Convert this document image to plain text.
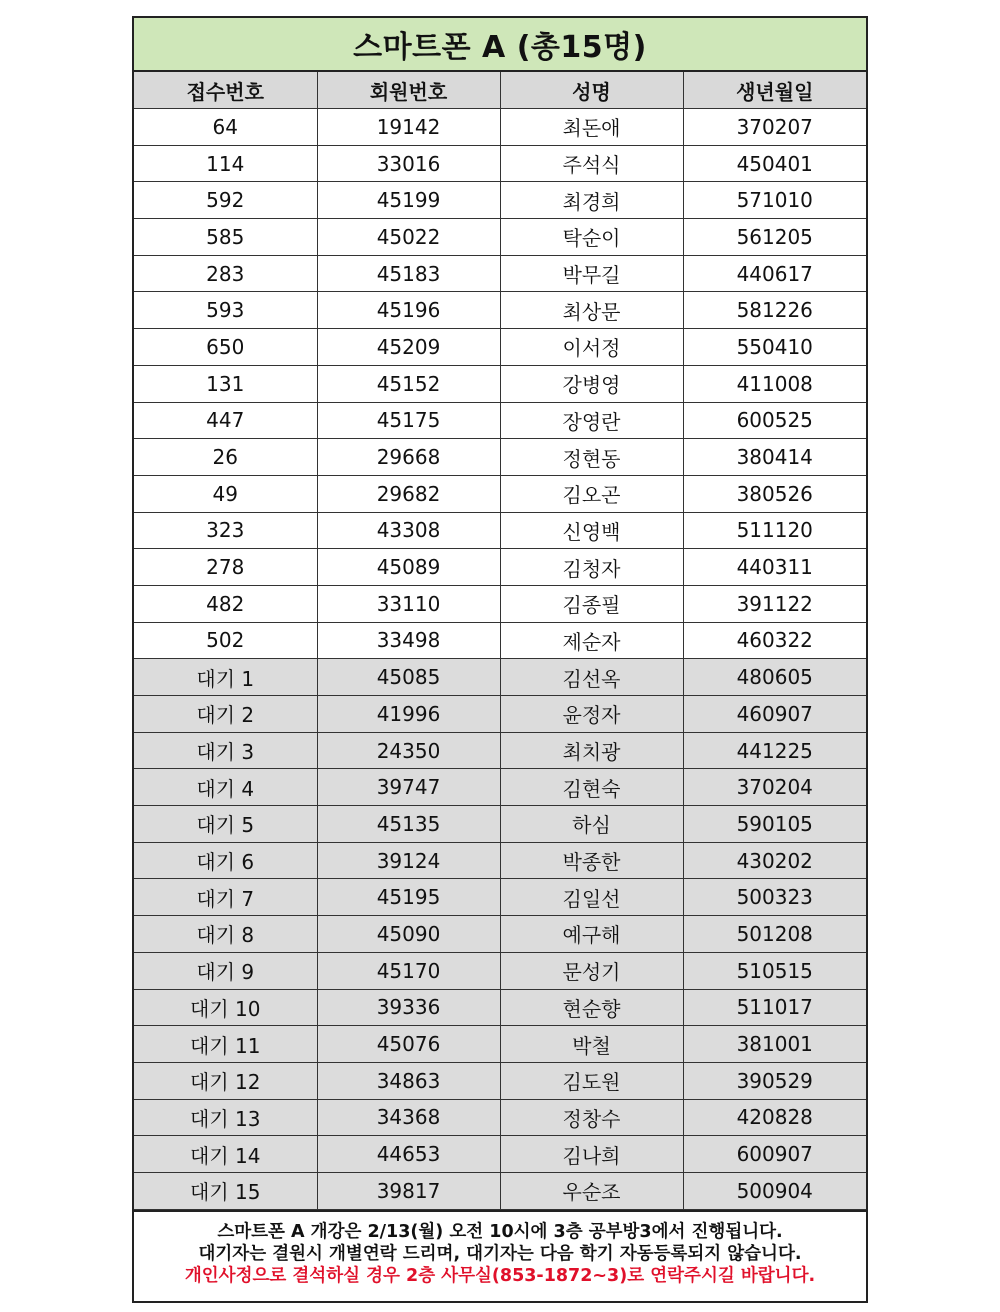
스마트폰 A (총15명)
접수번호	회원번호	성명	생년월일
64	19142	최돈애	370207
114	33016	주석식	450401
592	45199	최경희	571010
585	45022	탁순이	561205
283	45183	박무길	440617
593	45196	최상문	581226
650	45209	이서정	550410
131	45152	강병영	411008
447	45175	장영란	600525
26	29668	정현동	380414
49	29682	김오곤	380526
323	43308	신영백	511120
278	45089	김청자	440311
482	33110	김종필	391122
502	33498	제순자	460322
대기 1	45085	김선옥	480605
대기 2	41996	윤정자	460907
대기 3	24350	최치광	441225
대기 4	39747	김현숙	370204
대기 5	45135	하심	590105
대기 6	39124	박종한	430202
대기 7	45195	김일선	500323
대기 8	45090	예구해	501208
대기 9	45170	문성기	510515
대기 10	39336	현순향	511017
대기 11	45076	박철	381001
대기 12	34863	김도원	390529
대기 13	34368	정창수	420828
대기 14	44653	김나희	600907
대기 15	39817	우순조	500904
스마트폰 A 개강은 2/13(월) 오전 10시에 3층 공부방3에서 진행됩니다.
대기자는 결원시 개별연락 드리며, 대기자는 다음 학기 자동등록되지 않습니다.
개인사정으로 결석하실 경우 2층 사무실(853-1872~3)로 연락주시길 바랍니다.
